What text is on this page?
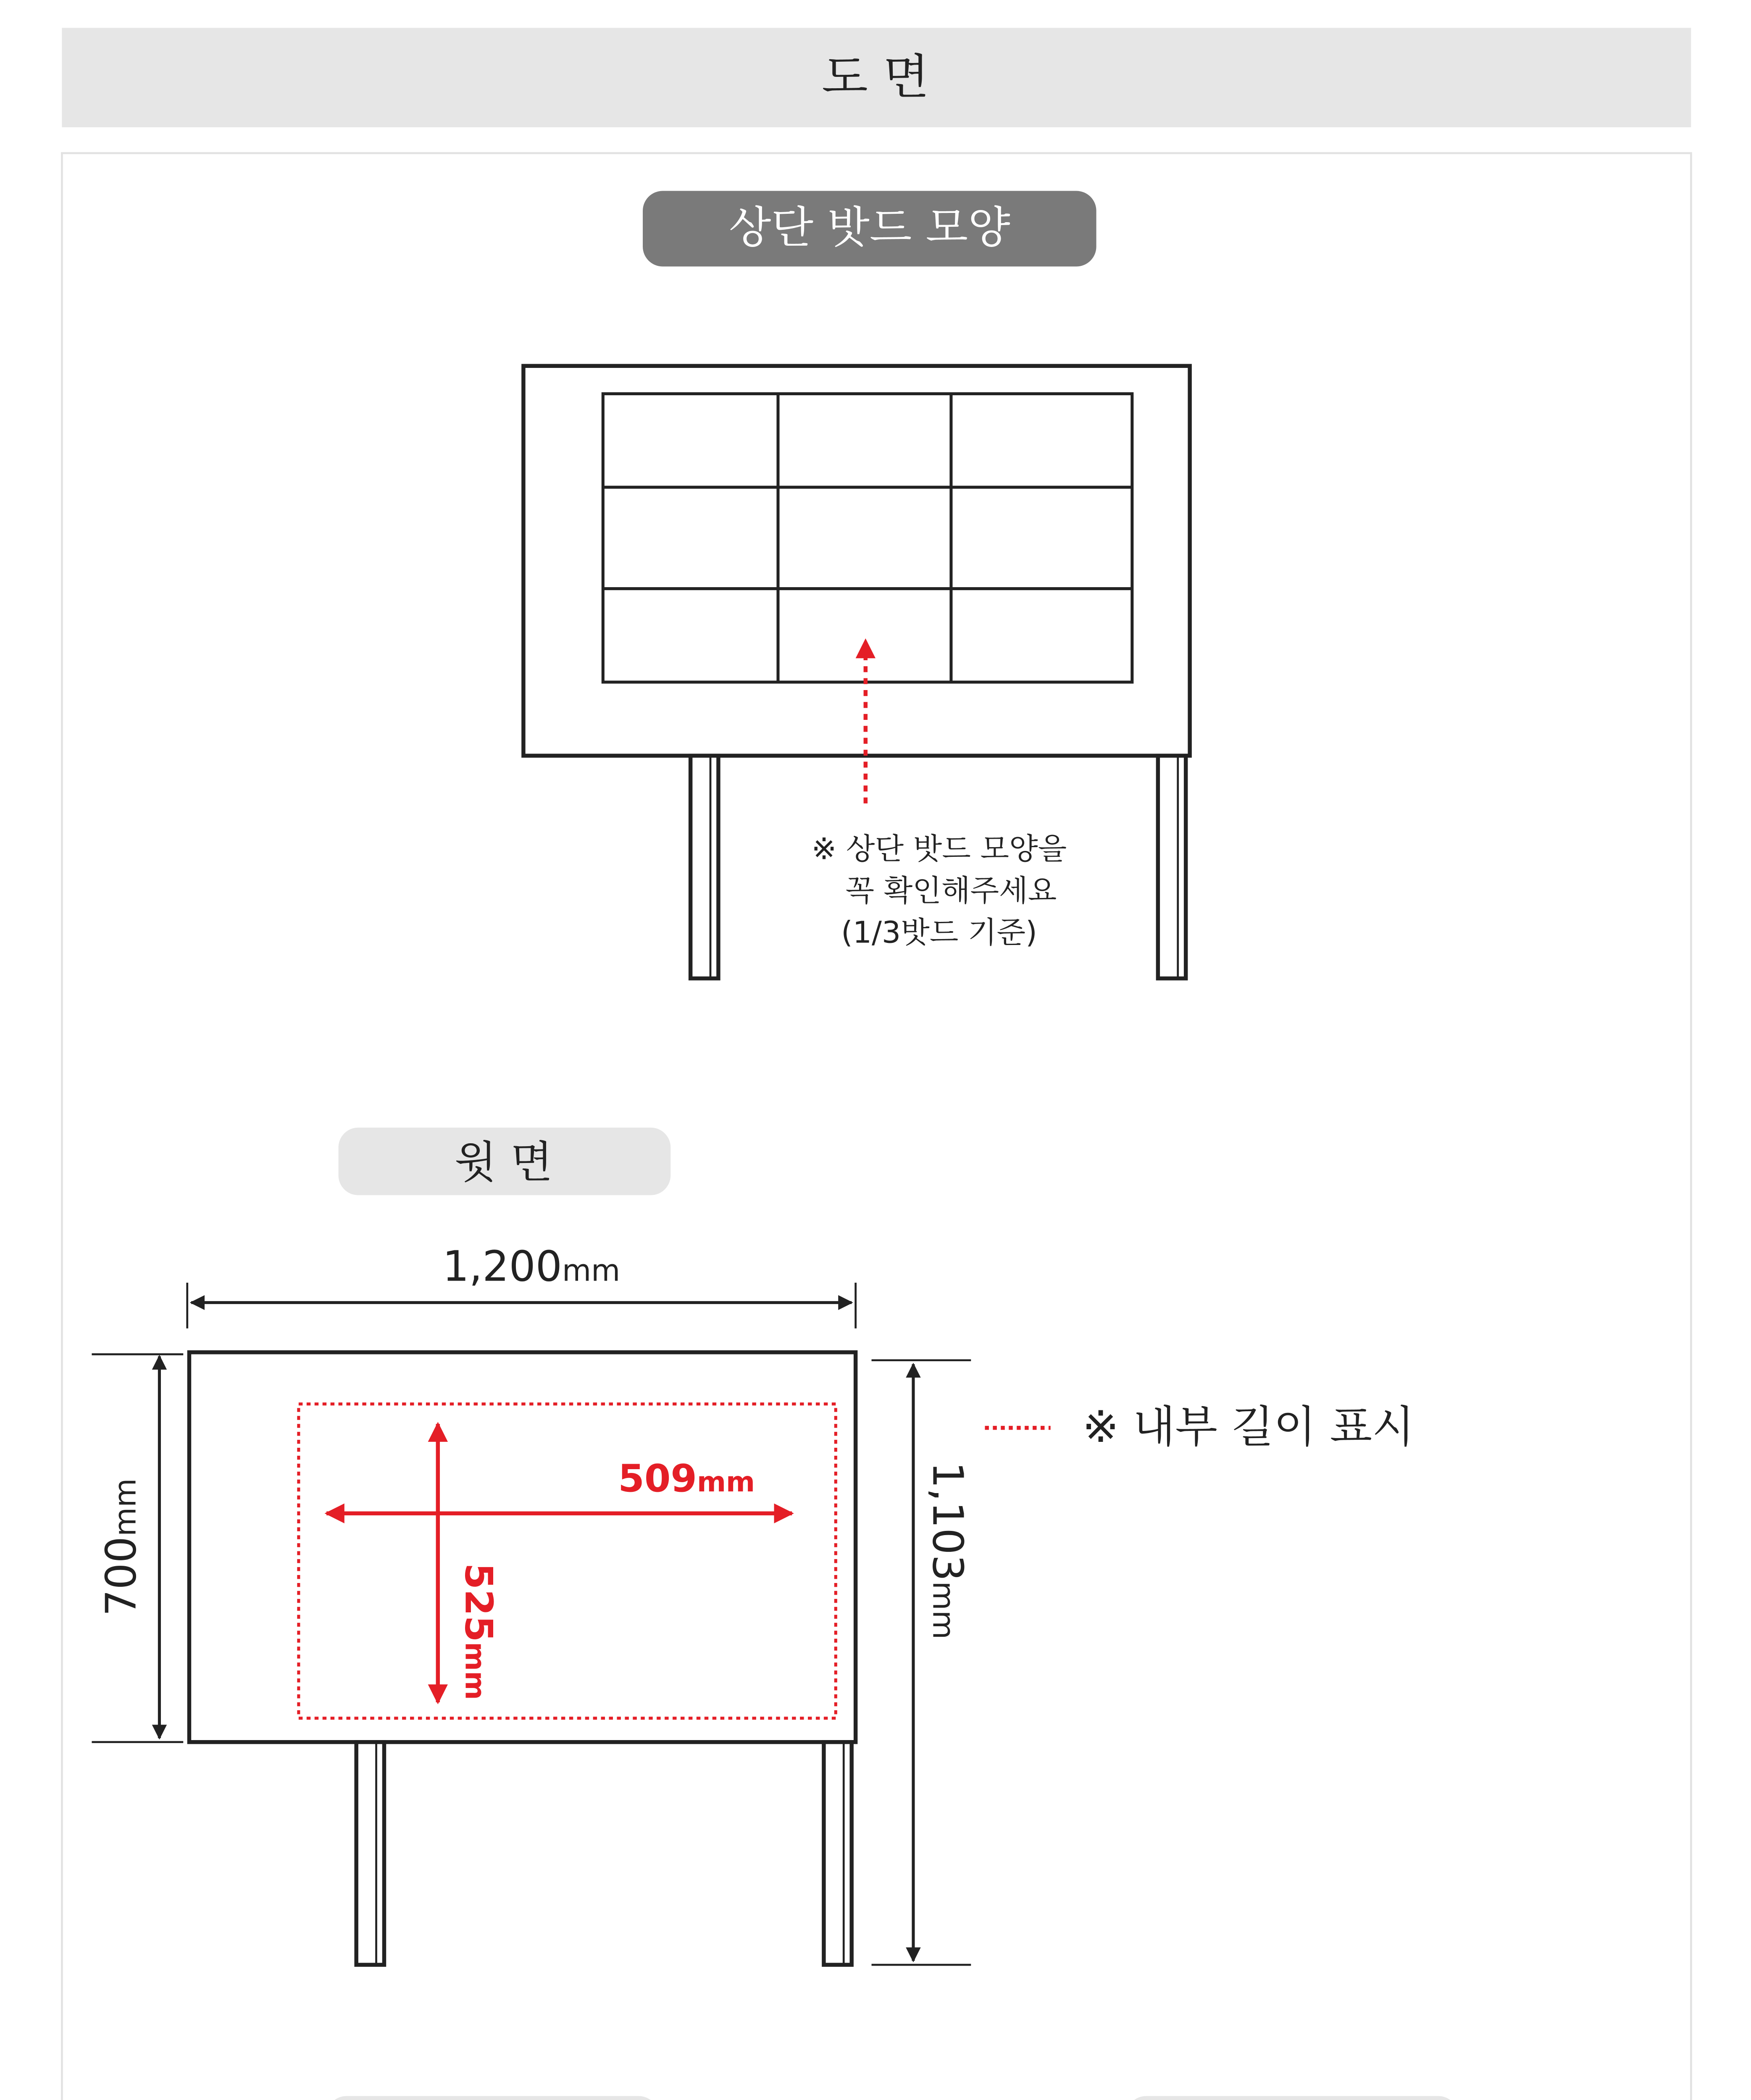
도 면
상단 밧드 모양
※ 상단 밧드 모양을
꼭 확인해주세요
(1/3밧드 기준)
윗 면
1,200mm
509mm
525mm
700mm	1,103mm
※ 내부 길이 표시
